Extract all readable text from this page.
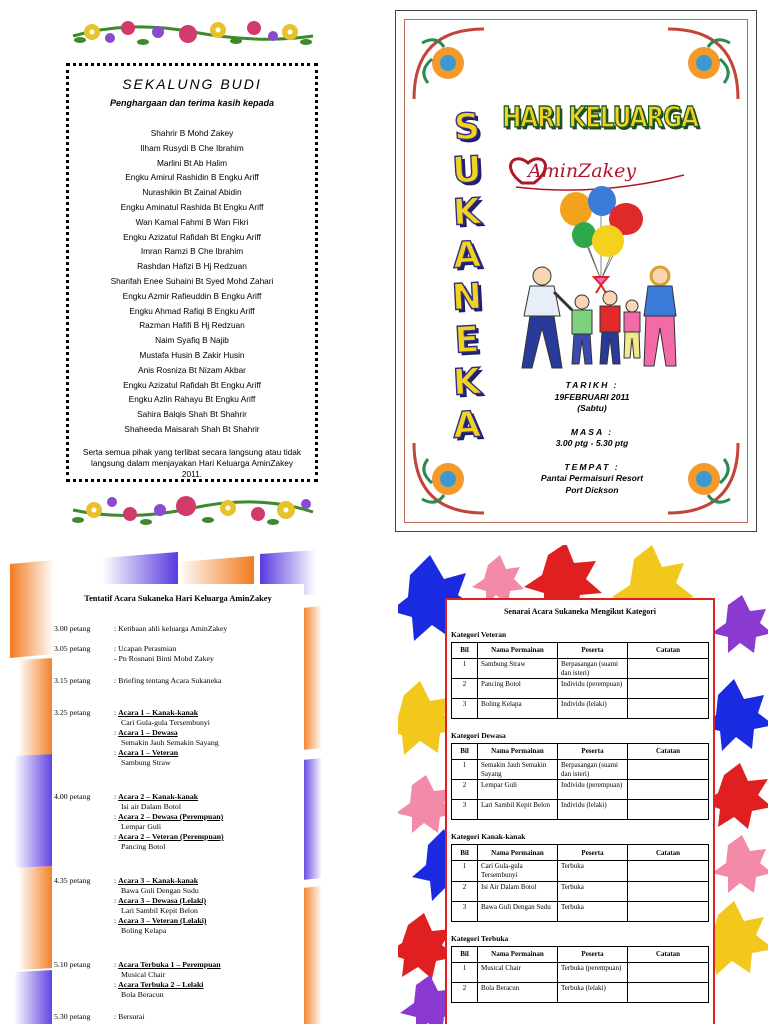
SEKALUNG BUDI
Penghargaan dan terima kasih kepada
Shahrir B Mohd Zakey
Ilham Rusydi B Che Ibrahim
Marlini Bt Ab Halim
Engku Amirul Rashidin B Engku Ariff
Nurashikin Bt Zainal Abidin
Engku Aminatul Rashida Bt Engku Ariff
Wan Kamal Fahmi B Wan Fikri
Engku Azizatul Rafidah Bt Engku Ariff
Imran Ramzi B Che Ibrahim
Rashdan Hafizi B Hj Redzuan
Sharifah Enee Suhaini Bt Syed Mohd Zahari
Engku Azmir Rafieuddin B Engku Ariff
Engku Ahmad Rafiqi B Engku Ariff
Razman Hafifi B Hj Redzuan
Naim Syafiq B Najib
Mustafa Husin B Zakir Husin
Anis Rosniza Bt Nizam Akbar
Engku Azizatul Rafidah Bt Engku Ariff
Engku Azlin Rahayu Bt Engku Ariff
Sahira Balqis Shah Bt Shahrir
Shaheeda Maisarah Shah Bt Shahrir
Serta semua pihak yang terlibat secara langsung atau tidak langsung dalam menjayakan Hari Keluarga AminZakey 2011.
S
U
K
A
N
E
K
A
HARI KELUARGA
AminZakey
TARIKH :
19FEBRUARI 2011
(Sabtu)
MASA :
3.00 ptg - 5.30 ptg
TEMPAT :
Pantai Permaisuri Resort
Port Dickson
Tentatif Acara Sukaneka Hari Keluarga AminZakey
3.00 petang	: Ketibaan ahli keluarga AminZakey
3.05 petang	: Ucapan Perasmian
- Pn Rosnani Binti Mohd Zakey
3.15 petang	: Briefing tentang Acara Sukaneka
3.25 petang	: Acara 1 – Kanak-kanak
Cari Gula-gula Tersembunyi
: Acara 1 – Dewasa
Semakin Jauh Semakin Sayang
: Acara 1 – Veteran
Sambung Straw
4.00 petang	: Acara 2 – Kanak-kanak
Isi air Dalam Botol
: Acara 2 – Dewasa (Perempuan)
Lempar Guli
: Acara 2 – Veteran (Perempuan)
Pancing Botol
4.35 petang	: Acara 3 – Kanak-kanak
Bawa Guli Dengan Sudu
: Acara 3 – Dewasa (Lelaki)
Lari Sambil Kepit Belon
: Acara 3 – Veteran (Lelaki)
Boling Kelapa
5.10 petang	: Acara Terbuka 1 – Perempuan
Musical Chair
: Acara Terbuka 2 – Lelaki
Bola Beracun
5.30 petang	: Bersurai
Senarai Acara Sukaneka Mengikut Kategori
Kategori Veteran
Bil	Nama Permainan	Peserta	Catatan
1	Sambung Straw	Berpasangan (suami dan isteri)	
2	Pancing Botol	Individu (perempuan)	
3	Boling Kelapa	Individu (lelaki)	
Kategori Dewasa
Bil	Nama Permainan	Peserta	Catatan
1	Semakin Jauh Semakin Sayang	Berpasangan (suami dan isteri)	
2	Lempar Guli	Individu (perempuan)	
3	Lari Sambil Kepit Belon	Individu (lelaki)	
Kategori Kanak-kanak
Bil	Nama Permainan	Peserta	Catatan
1	Cari Gula-gula Tersembunyi	Terbuka	
2	Isi Air Dalam Botol	Terbuka	
3	Bawa Guli Dengan Sudu	Terbuka	
Kategori Terbuka
Bil	Nama Permainan	Peserta	Catatan
1	Musical Chair	Terbuka (perempuan)	
2	Bola Beracun	Terbuka (lelaki)	
